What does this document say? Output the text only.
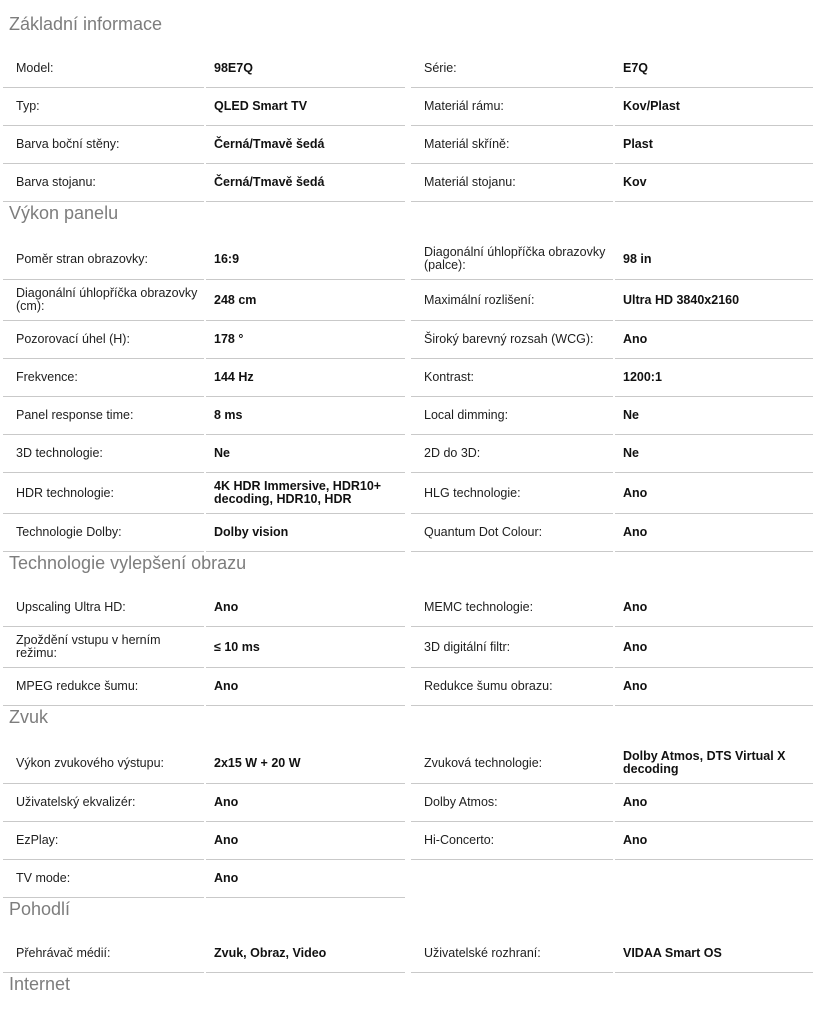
Základní informace
Model:	98E7Q	Série:	E7Q
Typ:	QLED Smart TV	Materiál rámu:	Kov/Plast
Barva boční stěny:	Černá/Tmavě šedá	Materiál skříně:	Plast
Barva stojanu:	Černá/Tmavě šedá	Materiál stojanu:	Kov
Výkon panelu
Poměr stran obrazovky:	16:9	Diagonální úhlopříčka obrazovky (palce):	98 in
Diagonální úhlopříčka obrazovky (cm):	248 cm	Maximální rozlišení:	Ultra HD 3840x2160
Pozorovací úhel (H):	178 °	Široký barevný rozsah (WCG): Ano
Frekvence:	144 Hz	Kontrast:	1200:1
Panel response time:	8 ms	Local dimming:	Ne
3D technologie:	Ne	2D do 3D:	Ne
HDR technologie:	4K HDR Immersive, HDR10+ decoding, HDR10, HDR	HLG technologie:	Ano
Technologie Dolby:	Dolby vision	Quantum Dot Colour:	Ano
Technologie vylepšení obrazu
Upscaling Ultra HD:	Ano	MEMC technologie:	Ano
Zpoždění vstupu v herním režimu:	≤ 10 ms	3D digitální filtr:	Ano
MPEG redukce šumu:	Ano	Redukce šumu obrazu:	Ano
Zvuk
Výkon zvukového výstupu:	2x15 W + 20 W	Zvuková technologie:	Dolby Atmos, DTS Virtual X decoding
Uživatelský ekvalizér:	Ano	Dolby Atmos:	Ano
EzPlay:	Ano	Hi-Concerto:	Ano
TV mode:	Ano
Pohodlí
Přehrávač médií:	Zvuk, Obraz, Video	Uživatelské rozhraní:	VIDAA Smart OS
Internet
